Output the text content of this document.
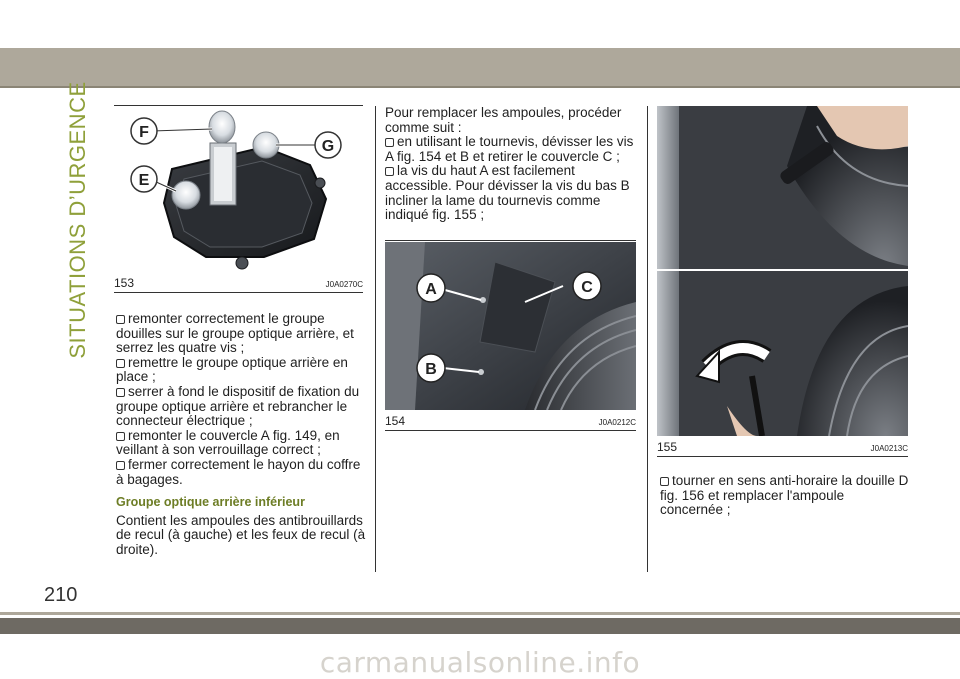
SITUATIONS D’URGENCE
210
carmanualsonline.info
F
G
E
153	J0A0270C

remonter correctement le groupe douilles sur le groupe optique arrière, et serrez les quatre vis ;

remettre le groupe optique arrière en place ;

serrer à fond le dispositif de fixation du groupe optique arrière et rebrancher le connecteur électrique ;

remonter le couvercle A fig. 149, en veillant à son verrouillage correct ;

fermer correctement le hayon du coffre à bagages.

Groupe optique arrière inférieur

Contient les ampoules des antibrouillards de recul (à gauche) et les feux de recul (à droite).

Pour remplacer les ampoules, procéder comme suit :

en utilisant le tournevis, dévisser les vis A fig. 154 et B et retirer le couvercle C ;

la vis du haut A est facilement accessible. Pour dévisser la vis du bas B incliner la lame du tournevis comme indiqué fig. 155 ;

A	C
B
154	J0A0212C
155	J0A0213C

tourner en sens anti-horaire la douille D fig. 156 et remplacer l'ampoule concernée ;
